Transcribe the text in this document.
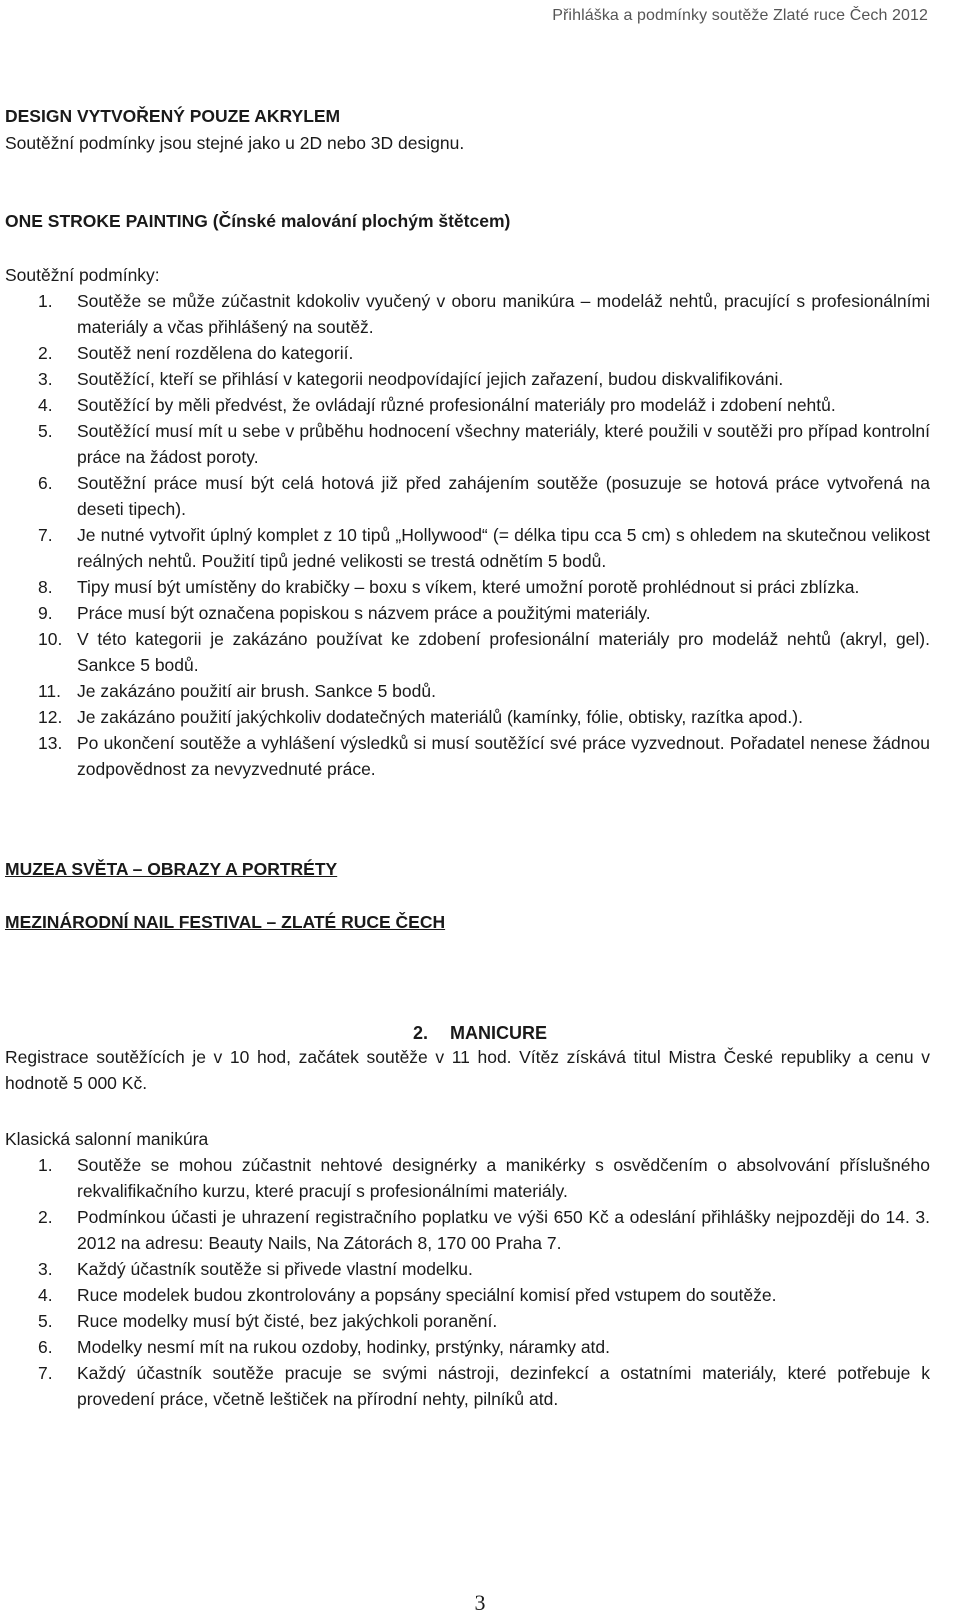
Přihláška a podmínky soutěže Zlaté ruce Čech 2012
DESIGN VYTVOŘENÝ POUZE AKRYLEM
Soutěžní podmínky jsou stejné jako u 2D nebo 3D designu.
ONE STROKE PAINTING (Čínské malování plochým štětcem)
Soutěžní podmínky:
1.	Soutěže se může zúčastnit kdokoliv vyučený v oboru manikúra – modeláž nehtů, pracující s profesionálními materiály a včas přihlášený na soutěž.
2.	Soutěž není rozdělena do kategorií.
3.	Soutěžící, kteří se přihlásí v kategorii neodpovídající jejich zařazení, budou diskvalifikováni.
4.	Soutěžící by měli předvést, že ovládají různé profesionální materiály pro modeláž i zdobení nehtů.
5.	Soutěžící musí mít u sebe v průběhu hodnocení všechny materiály, které použili v soutěži pro případ kontrolní práce na žádost poroty.
6.	Soutěžní práce musí být celá hotová již před zahájením soutěže (posuzuje se hotová práce vytvořená na deseti tipech).
7.	Je nutné vytvořit úplný komplet z 10 tipů „Hollywood“ (= délka tipu cca 5 cm) s ohledem na skutečnou velikost reálných nehtů. Použití tipů jedné velikosti se trestá odnětím 5 bodů.
8.	Tipy musí být umístěny do krabičky – boxu s víkem, které umožní porotě prohlédnout si práci zblízka.
9.	Práce musí být označena popiskou s názvem práce a použitými materiály.
10. V této kategorii je zakázáno používat ke zdobení profesionální materiály pro modeláž nehtů (akryl, gel). Sankce 5 bodů.
11. Je zakázáno použití air brush. Sankce 5 bodů.
12. Je zakázáno použití jakýchkoliv dodatečných materiálů (kamínky, fólie, obtisky, razítka apod.).
13. Po ukončení soutěže a vyhlášení výsledků si musí soutěžící své práce vyzvednout. Pořadatel nenese žádnou zodpovědnost za nevyzvednuté práce.
MUZEA SVĚTA – OBRAZY A PORTRÉTY
MEZINÁRODNÍ NAIL FESTIVAL – ZLATÉ RUCE ČECH
2. MANICURE
Registrace soutěžících je v 10 hod, začátek soutěže v 11 hod. Vítěz získává titul Mistra České republiky a cenu v hodnotě 5 000 Kč.
Klasická salonní manikúra
1.	Soutěže se mohou zúčastnit nehtové designérky a manikérky s osvědčením o absolvování příslušného rekvalifikačního kurzu, které pracují s profesionálními materiály.
2.	Podmínkou účasti je uhrazení registračního poplatku ve výši 650 Kč a odeslání přihlášky nejpozději do 14. 3. 2012 na adresu: Beauty Nails, Na Zátorách 8, 170 00 Praha 7.
3.	Každý účastník soutěže si přivede vlastní modelku.
4.	Ruce modelek budou zkontrolovány a popsány speciální komisí před vstupem do soutěže.
5.	Ruce modelky musí být čisté, bez jakýchkoli poranění.
6.	Modelky nesmí mít na rukou ozdoby, hodinky, prstýnky, náramky atd.
7.	Každý účastník soutěže pracuje se svými nástroji, dezinfekcí a ostatními materiály, které potřebuje k provedení práce, včetně leštiček na přírodní nehty, pilníků atd.
3
